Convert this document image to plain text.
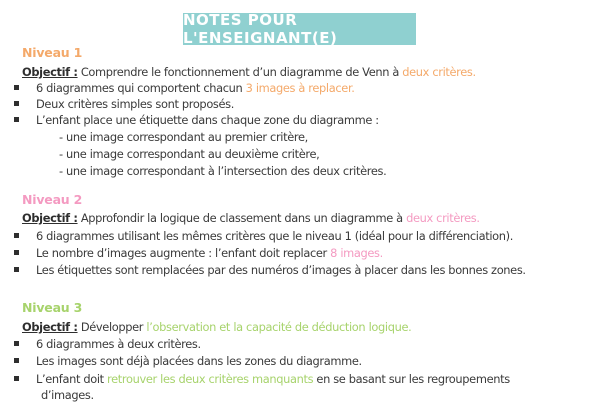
NOTES POUR L'ENSEIGNANT(E)
Niveau 1
Objectif : Comprendre le fonctionnement d’un diagramme de Venn à deux critères.
6 diagrammes qui comportent chacun 3 images à replacer.
Deux critères simples sont proposés.
L’enfant place une étiquette dans chaque zone du diagramme :
- une image correspondant au premier critère,
- une image correspondant au deuxième critère,
- une image correspondant à l’intersection des deux critères.
Niveau 2
Objectif : Approfondir la logique de classement dans un diagramme à deux critères.
6 diagrammes utilisant les mêmes critères que le niveau 1 (idéal pour la différenciation).
Le nombre d’images augmente : l’enfant doit replacer 8 images.
Les étiquettes sont remplacées par des numéros d’images à placer dans les bonnes zones.
Niveau 3
Objectif : Développer l’observation et la capacité de déduction logique.
6 diagrammes à deux critères.
Les images sont déjà placées dans les zones du diagramme.
L’enfant doit retrouver les deux critères manquants en se basant sur les regroupements
d’images.
